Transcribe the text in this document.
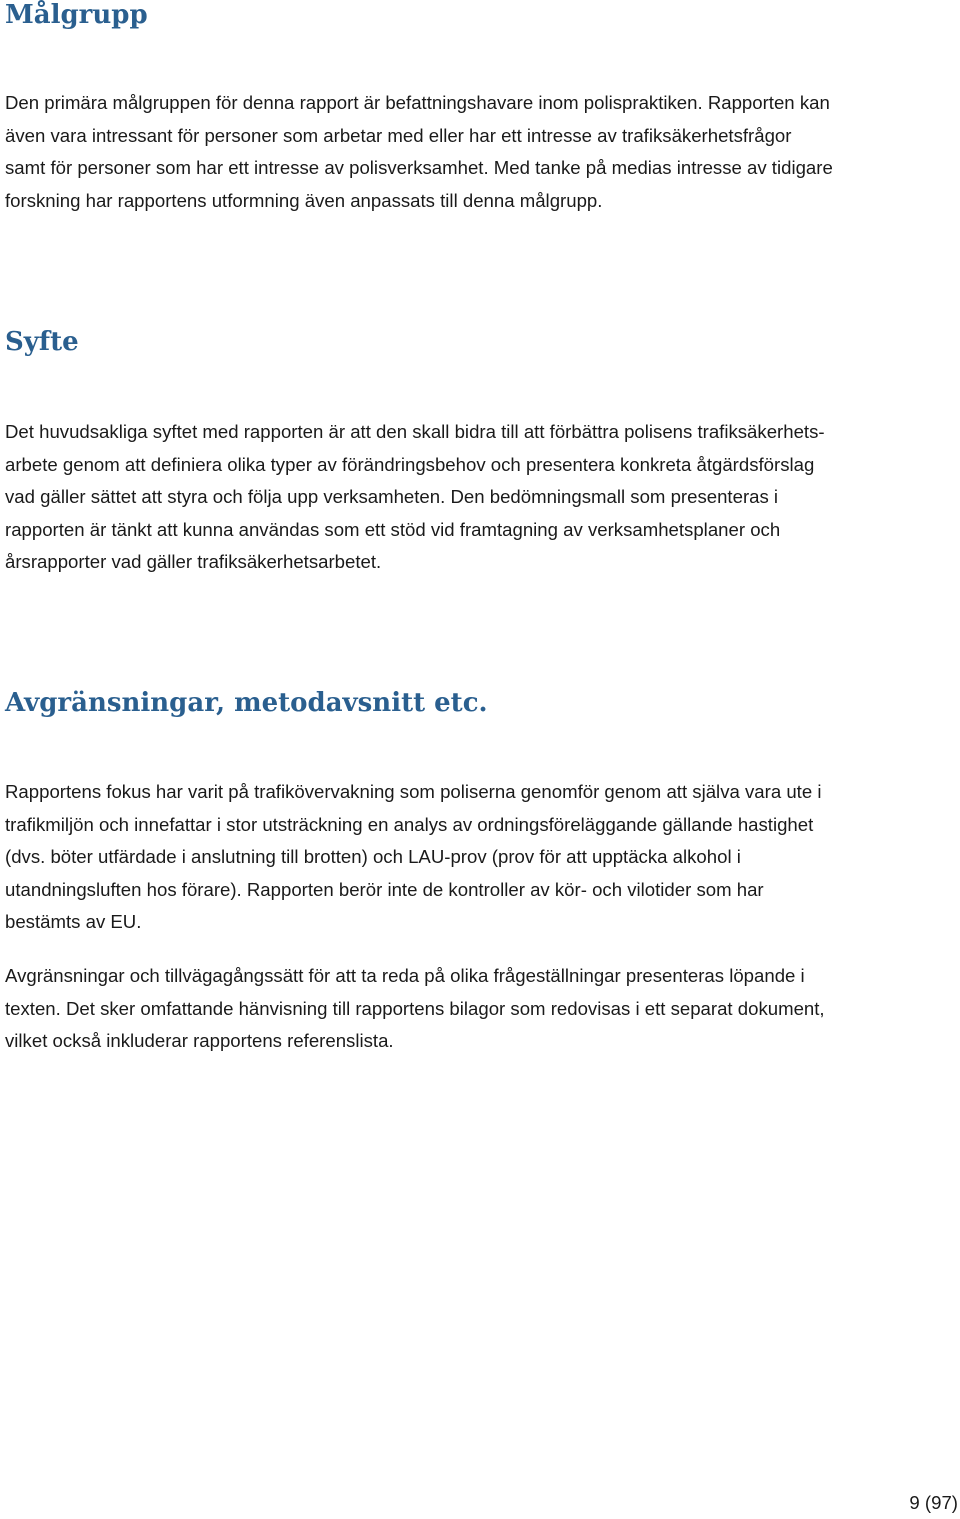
Målgrupp

Den primära målgruppen för denna rapport är befattningshavare inom polispraktiken. Rapporten kan
även vara intressant för personer som arbetar med eller har ett intresse av trafiksäkerhetsfrågor
samt för personer som har ett intresse av polisverksamhet. Med tanke på medias intresse av tidigare
forskning har rapportens utformning även anpassats till denna målgrupp.

Syfte

Det huvudsakliga syftet med rapporten är att den skall bidra till att förbättra polisens trafiksäkerhets-
arbete genom att definiera olika typer av förändringsbehov och presentera konkreta åtgärdsförslag
vad gäller sättet att styra och följa upp verksamheten. Den bedömningsmall som presenteras i
rapporten är tänkt att kunna användas som ett stöd vid framtagning av verksamhetsplaner och
årsrapporter vad gäller trafiksäkerhetsarbetet.

Avgränsningar, metodavsnitt etc.

Rapportens fokus har varit på trafikövervakning som poliserna genomför genom att själva vara ute i
trafikmiljön och innefattar i stor utsträckning en analys av ordningsföreläggande gällande hastighet
(dvs. böter utfärdade i anslutning till brotten) och LAU-prov (prov för att upptäcka alkohol i
utandningsluften hos förare). Rapporten berör inte de kontroller av kör- och vilotider som har
bestämts av EU.

Avgränsningar och tillvägagångssätt för att ta reda på olika frågeställningar presenteras löpande i
texten. Det sker omfattande hänvisning till rapportens bilagor som redovisas i ett separat dokument,
vilket också inkluderar rapportens referenslista.

9 (97)
